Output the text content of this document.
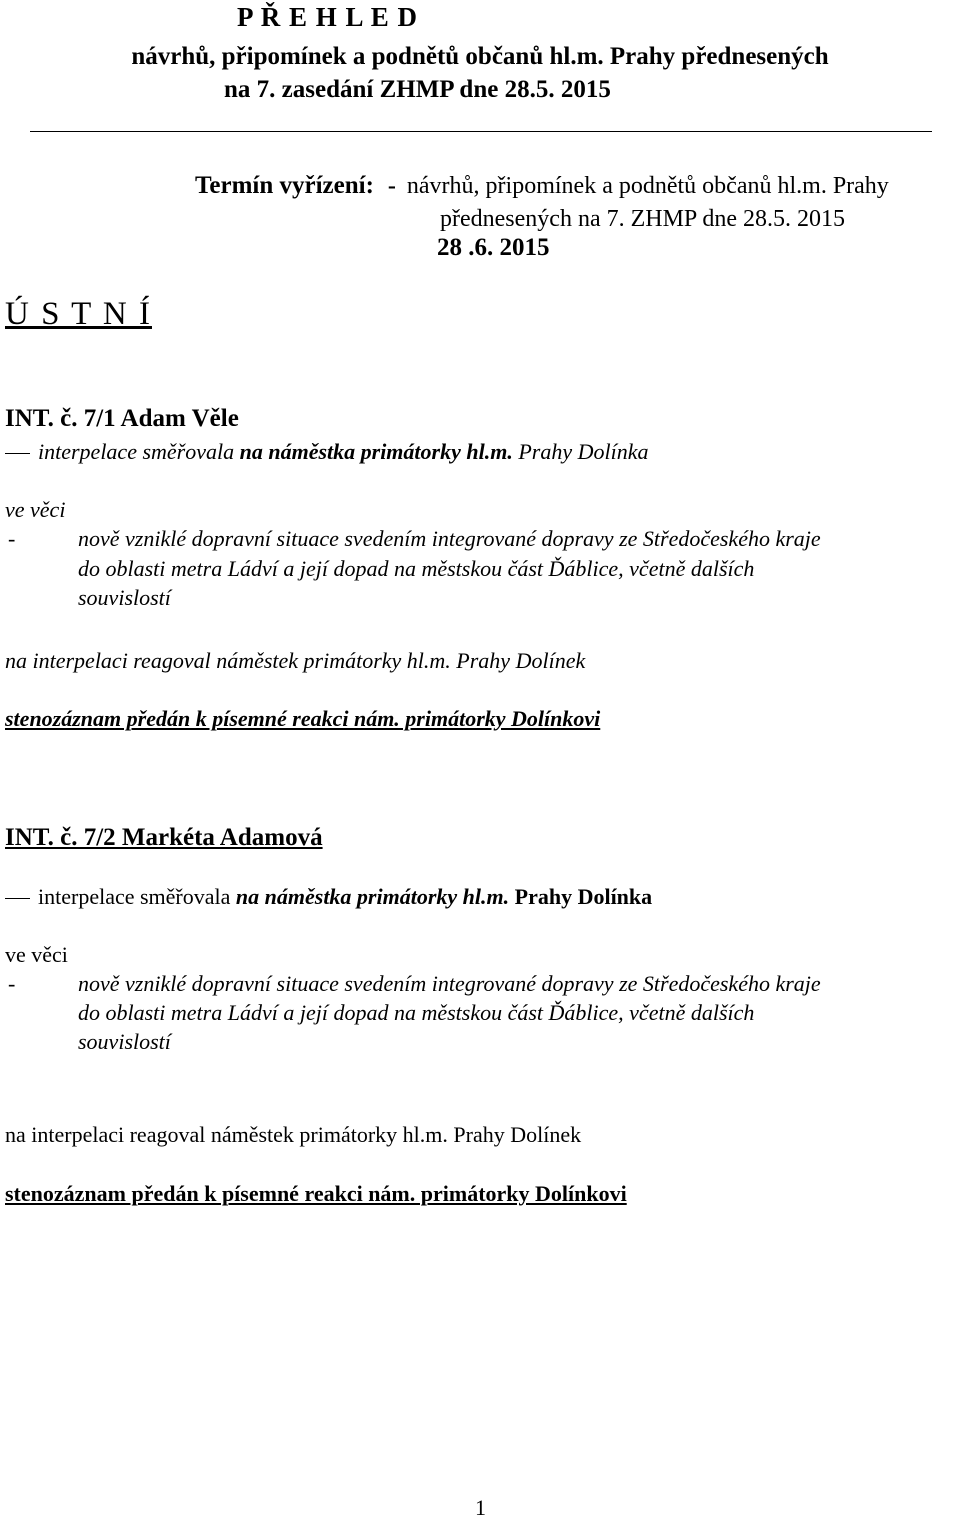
P Ř E H L E D
návrhů, připomínek a podnětů občanů hl.m. Prahy přednesených
na 7. zasedání ZHMP dne 28.5. 2015
Termín vyřízení: - návrhů, připomínek a podnětů občanů hl.m. Prahy
přednesených na 7. ZHMP dne 28.5. 2015
28 .6. 2015
Ú S T N Í
INT. č. 7/1 Adam Věle
interpelace směřovala na náměstka primátorky hl.m. Prahy Dolínka
ve věci
-	nově vzniklé dopravní situace svedením integrované dopravy ze Středočeského kraje
do oblasti metra Ládví a její dopad na městskou část Ďáblice, včetně dalších
souvislostí
na interpelaci reagoval náměstek primátorky hl.m. Prahy Dolínek
stenozáznam předán k písemné reakci nám. primátorky Dolínkovi
INT. č. 7/2 Markéta Adamová
interpelace směřovala na náměstka primátorky hl.m. Prahy Dolínka
ve věci
-	nově vzniklé dopravní situace svedením integrované dopravy ze Středočeského kraje
do oblasti metra Ládví a její dopad na městskou část Ďáblice, včetně dalších
souvislostí
na interpelaci reagoval náměstek primátorky hl.m. Prahy Dolínek
stenozáznam předán k písemné reakci nám. primátorky Dolínkovi
1
